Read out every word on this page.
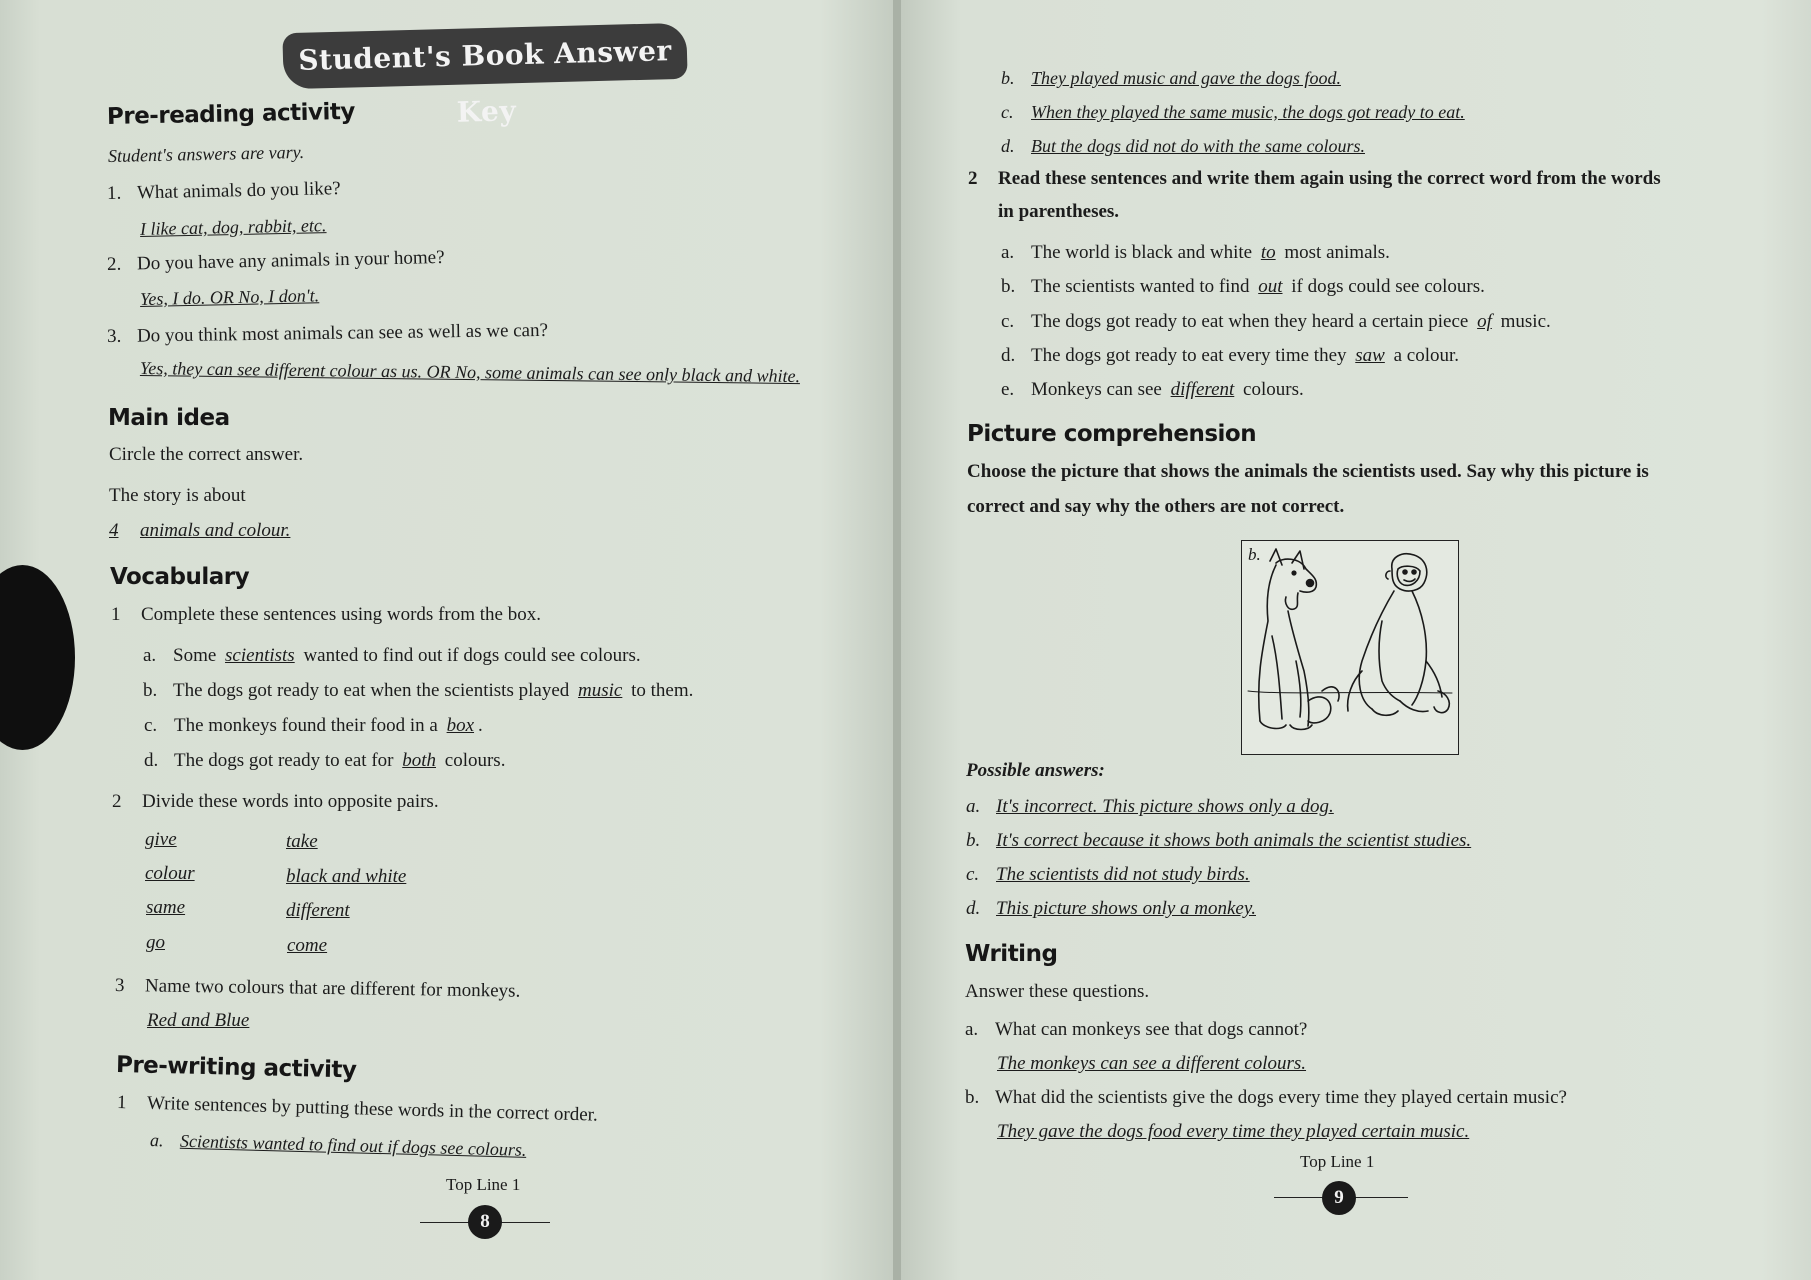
Student's Book Answer Key
Pre-reading activity
Student's answers are vary.
1. What animals do you like?
I like cat, dog, rabbit, etc.
2. Do you have any animals in your home?
Yes, I do. OR No, I don't.
3. Do you think most animals can see as well as we can?
Yes, they can see different colour as us. OR No, some animals can see only black and white.
Main idea
Circle the correct answer.
The story is about
4 animals and colour.
Vocabulary
1 Complete these sentences using words from the box.
a. Some scientists wanted to find out if dogs could see colours.
b. The dogs got ready to eat when the scientists played music to them.
c. The monkeys found their food in a box .
d. The dogs got ready to eat for both colours.
2 Divide these words into opposite pairs.
give	take
colour	black and white
same	different
go	come
3 Name two colours that are different for monkeys.
Red and Blue
Pre-writing activity
1 Write sentences by putting these words in the correct order.
a. Scientists wanted to find out if dogs see colours.
Top Line 1
8
b. They played music and gave the dogs food.
c. When they played the same music, the dogs got ready to eat.
d. But the dogs did not do with the same colours.
2 Read these sentences and write them again using the correct word from the words
in parentheses.
a. The world is black and white to most animals.
b. The scientists wanted to find out if dogs could see colours.
c. The dogs got ready to eat when they heard a certain piece of music.
d. The dogs got ready to eat every time they saw a colour.
e. Monkeys can see different colours.
Picture comprehension
Choose the picture that shows the animals the scientists used. Say why this picture is
correct and say why the others are not correct.
Possible answers:
a. It's incorrect. This picture shows only a dog.
b. It's correct because it shows both animals the scientist studies.
c. The scientists did not study birds.
d. This picture shows only a monkey.
Writing
Answer these questions.
a. What can monkeys see that dogs cannot?
The monkeys can see a different colours.
b. What did the scientists give the dogs every time they played certain music?
They gave the dogs food every time they played certain music.
Top Line 1
9
b.
